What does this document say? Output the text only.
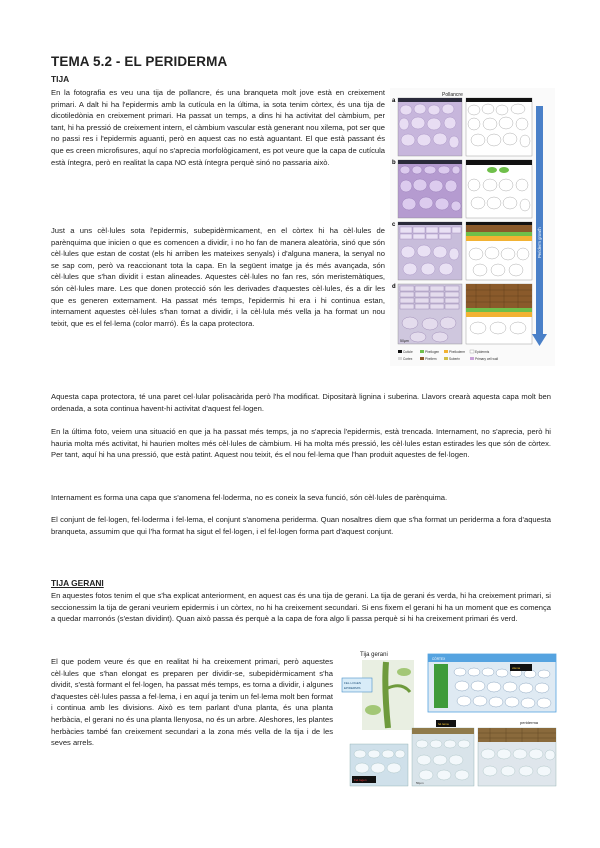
TEMA 5.2 - EL PERIDERMA
TIJA

En la fotografia es veu una tija de pollancre, és una branqueta molt jove està en creixement primari. A dalt hi ha l'epidermis amb la cutícula en la última, ia sota tenim còrtex, és una tija de dicotiledònia en creixement primari. Ha passat un temps, a dins hi ha activitat del càmbium, per tant, hi ha pressió de creixement intern, el càmbium vascular està generant nou xilema, pot ser que no passi res i l'epidermis aguanti, però en aquest cas no està aguantant. El que està passant és que es creen microfisures, aquí no s'aprecia morfològicament, es pot veure que la capa de cutícula està íntegra, però en realitat la capa NO està íntegra perquè sinó no passaria això.

Just a uns cèl·lules sota l'epidermis, subepidèrmicament, en el còrtex hi ha cèl·lules de parènquima que inicien o que es comencen a dividir, i no ho fan de manera aleatòria, sinó que són cèl·lules que estan de costat (els hi arriben les mateixes senyals) i d'alguna manera, la senyal no se sap com, però va reaccionant tota la capa. En la següent imatge ja és més avançada, són cèl·lules que s'han dividit i estan alineades. Aquestes cèl·lules no fan res, són meristemàtiques, són cèl·lules mare. Les que donen protecció són les derivades d'aquestes cèl·lules, és a dir les que es generen externament. Ha passat més temps, l'epidermis hi era i hi continua estan, internament aquestes cèl·lules s'han tornat a dividir, i la cèl·lula més vella ja ha format un nou teixit, que es el fel·lema (color marró). És la capa protectora.

Pollancre
a
b
c
d
50µm
Periderm growth
Cuticle	Phellogen	Phelloderm	Epidermis
Cortex	Phellem	Suberin	Primary cell wall

Aquesta capa protectora, té una paret cel·lular polisacàrida però l'ha modificat. Dipositarà lignina i suberina. Llavors crearà aquesta capa molt ben ordenada, a sota continua havent-hi activitat d'aquest fel·logen.

En la última foto, veiem una situació en que ja ha passat més temps, ja no s'aprecia l'epidermis, està trencada. Internament, no s'aprecia, però hi hauria molta més activitat, hi haurien moltes més cèl·lules de càmbium. Hi ha molta més pressió, les cèl·lules estan estirades les que són de còrtex. Per tant, aquí hi ha una pressió, que està patint. Aquest nou teixit, és el nou fel·lema que l'han produit aquestes de fel·logen.

Internament es forma una capa que s'anomena fel·loderma, no es coneix la seva funció, són cèl·lules de parènquima.

El conjunt de fel·logen, fel·loderma i fel·lema, el conjunt s'anomena periderma. Quan nosaltres diem que s'ha format un periderma a fora d'aquesta branqueta, assumim que qui l'ha format ha sigut el fel·logen, i el fel·logen forma part d'aquest conjunt.

TIJA GERANI

En aquestes fotos tenim el que s'ha explicat anteriorment, en aquest cas és una tija de gerani. La tija de gerani és verda, hi ha creixement primari, si seccionessim la tija de gerani veuriem epidermis i un còrtex, no hi ha creixement secundari. Si ens fixem el gerani hi ha un moment que es comença a quedar marronós (s'estan dividint). Quan això passa és perquè a la capa de fora algo li passa perquè si hi ha creixement primari és verd.

El que podem veure és que en realitat hi ha creixement primari, però aquestes cèl·lules que s'han elongat es preparen per dividir-se, subepidèrmicament s'ha dividit, s'està formant el fel·logen, ha passat més temps, es torna a dividir, i algunes d'aquestes cèl·lules passa a fel·lema, i en aquí ja tenim un fel·lema molt ben format i continua amb les divisions. Això es tem parlant d'una planta, és una planta herbàcia, el gerani no és una planta llenyosa, no és un arbre. Aleshores, les plantes herbàcies també fan creixement secundari a la zona més vella de la tija i de les seves arrels.

Tija gerani
FEL·LOGEN
EPIDERMIS
CÒRTEX
xilema
Fel·logen
fel·lema	periderma
50µm
